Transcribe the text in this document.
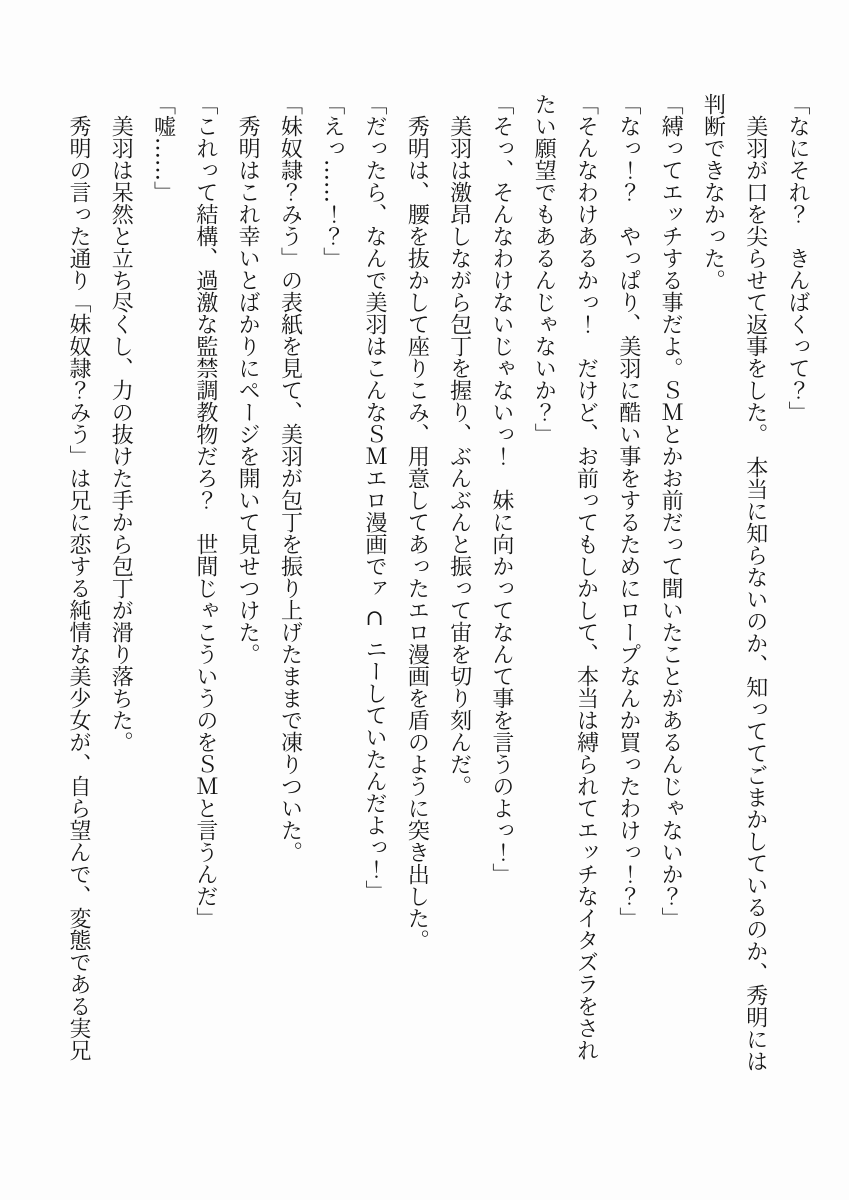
「なにそれ？　きんばくって？」

　美羽が口を尖らせて返事をした。　本当に知らないのか、知っててごまかしているのか、秀明には

判断できなかった。

「縛ってエッチする事だよ。ＳＭとかお前だって聞いたことがあるんじゃないか？」

「なっ！？　やっぱり、美羽に酷い事をするためにロープなんか買ったわけっ！？」

「そんなわけあるかっ！　だけど、お前ってもしかして、本当は縛られてエッチなイタズラをされ

たい願望でもあるんじゃないか？」

「そっ、そんなわけないじゃないっ！　妹に向かってなんて事を言うのよっ！」

　美羽は激昂しながら包丁を握り、ぶんぶんと振って宙を切り刻んだ。

　秀明は、腰を抜かして座りこみ、用意してあったエロ漫画を盾のように突き出した。

「だったら、なんで美羽はこんなＳＭエロ漫画でァ ∩ ニーしていたんだよっ！」

「えっ……！？」

「妹奴隷？みう」の表紙を見て、美羽が包丁を振り上げたままで凍りついた。

　秀明はこれ幸いとばかりにページを開いて見せつけた。

「これって結構、過激な監禁調教物だろ？　世間じゃこういうのをＳＭと言うんだ」

「嘘……」

　美羽は呆然と立ち尽くし、力の抜けた手から包丁が滑り落ちた。

　秀明の言った通り「妹奴隷？みう」は兄に恋する純情な美少女が、自ら望んで、変態である実兄
